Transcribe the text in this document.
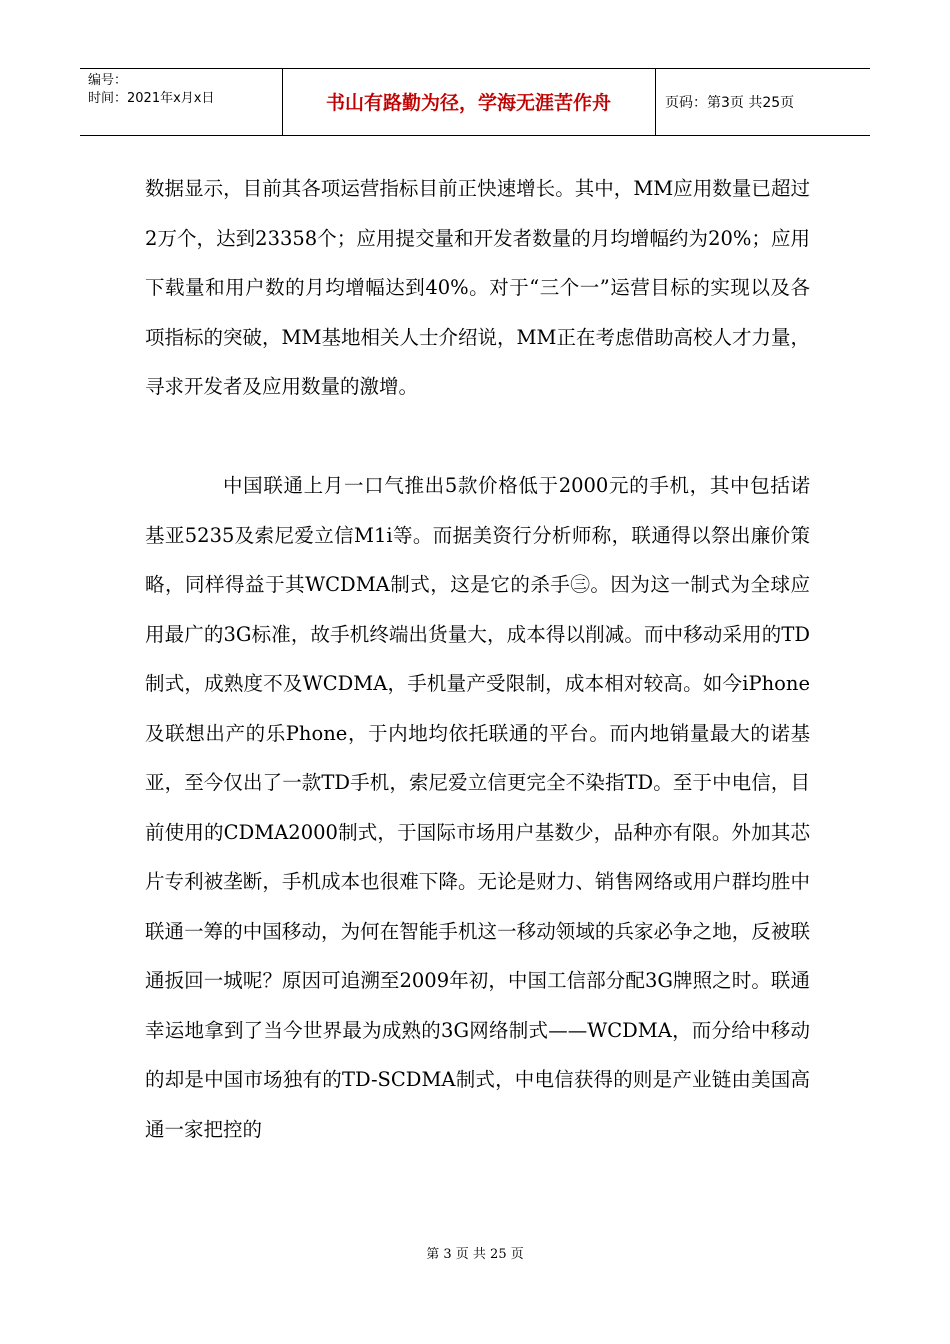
编号：
时间：2021年x月x日	书山有路勤为径，学海无涯苦作舟	页码：第3页 共25页

数据显示，目前其各项运营指标目前正快速增长。其中，MM应用数量已超过2万个，达到23358个；应用提交量和开发者数量的月均增幅约为20%；应用下载量和用户数的月均增幅达到40%。对于“三个一”运营目标的实现以及各项指标的突破，MM基地相关人士介绍说，MM正在考虑借助高校人才力量，寻求开发者及应用数量的激增。

中国联通上月一口气推出5款价格低于2000元的手机，其中包括诺基亚5235及索尼爱立信M1i等。而据美资行分析师称，联通得以祭出廉价策略，同样得益于其WCDMA制式，这是它的杀手㊂。因为这一制式为全球应用最广的3G标准，故手机终端出货量大，成本得以削减。而中移动采用的TD制式，成熟度不及WCDMA，手机量产受限制，成本相对较高。如今iPhone及联想出产的乐Phone，于内地均依托联通的平台。而内地销量最大的诺基亚，至今仅出了一款TD手机，索尼爱立信更完全不染指TD。至于中电信，目前使用的CDMA2000制式，于国际市场用户基数少，品种亦有限。外加其芯片专利被垄断，手机成本也很难下降。无论是财力、销售网络或用户群均胜中联通一筹的中国移动，为何在智能手机这一移动领域的兵家必争之地，反被联通扳回一城呢？原因可追溯至2009年初，中国工信部分配3G牌照之时。联通幸运地拿到了当今世界最为成熟的3G网络制式——WCDMA，而分给中移动的却是中国市场独有的TD-SCDMA制式，中电信获得的则是产业链由美国高通一家把控的

第 3 页 共 25 页
